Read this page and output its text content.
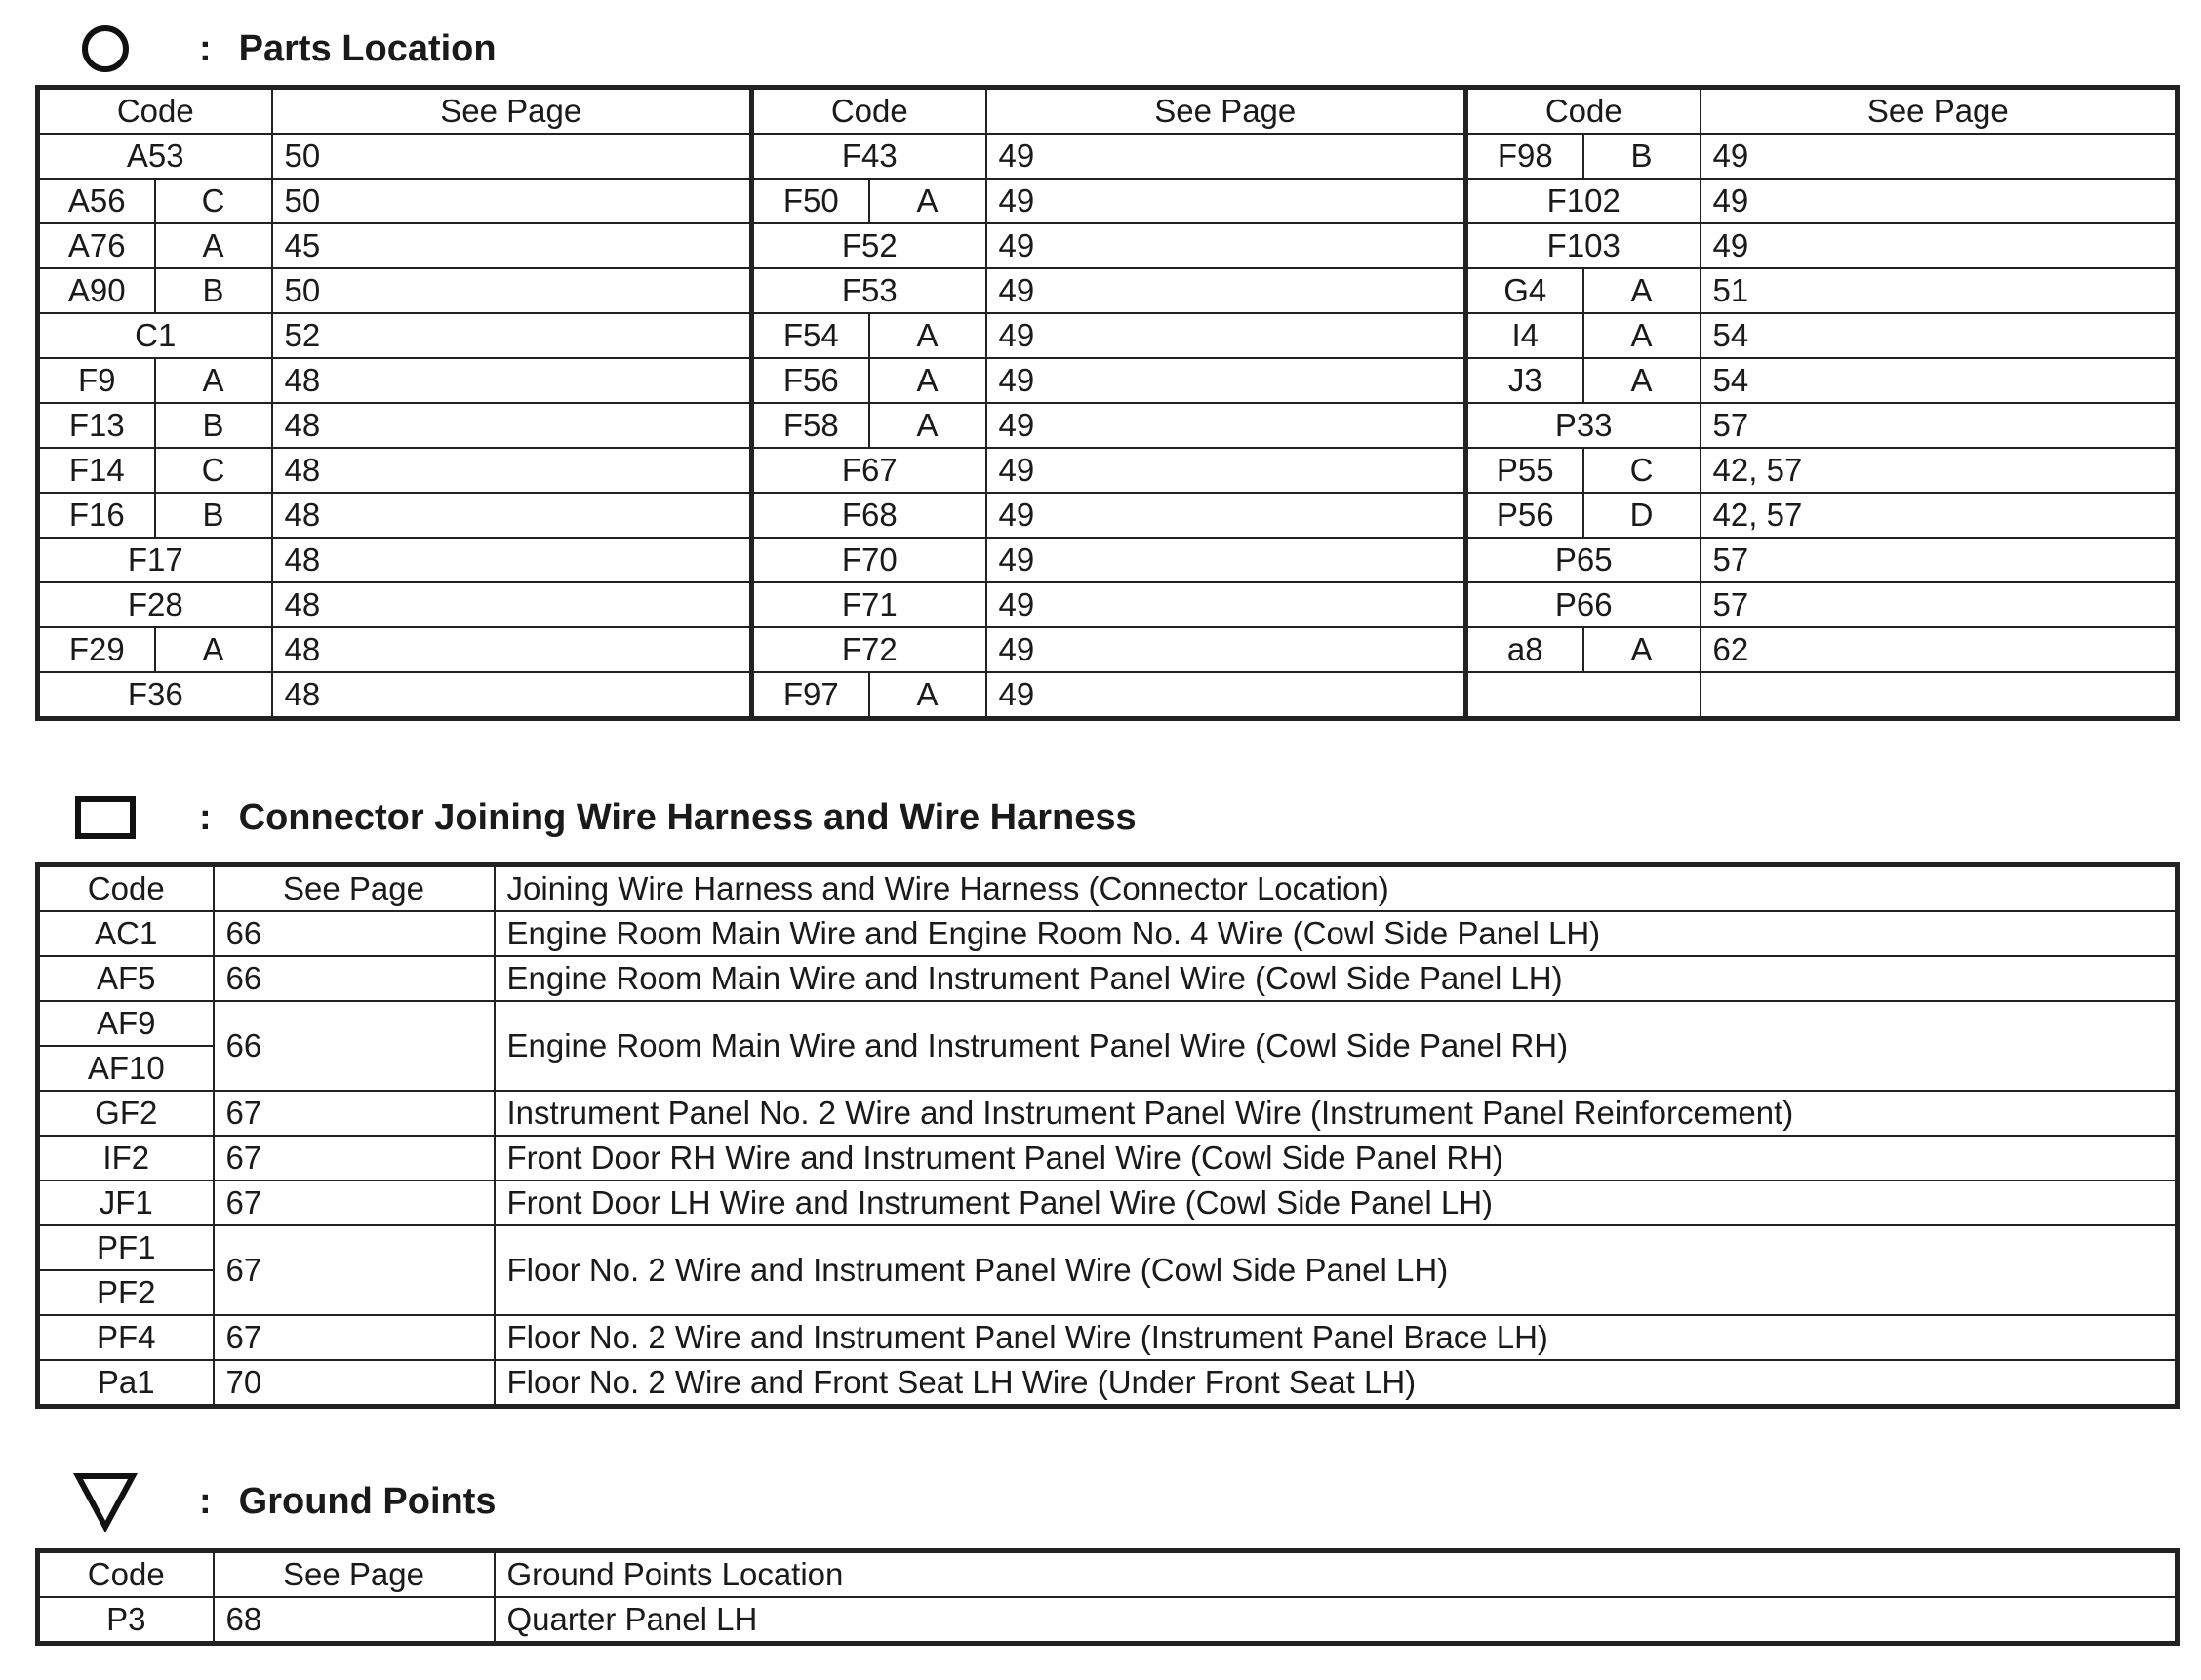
: Parts Location
Code		See Page	Code		See Page	Code		See Page
A53		50	F43		49	F98	B	49
A56	C	50	F50	A	49	F102		49
A76	A	45	F52		49	F103		49
A90	B	50	F53		49	G4	A	51
C1		52	F54	A	49	I4	A	54
F9	A	48	F56	A	49	J3	A	54
F13	B	48	F58	A	49	P33		57
F14	C	48	F67		49	P55	C	42, 57
F16	B	48	F68		49	P56	D	42, 57
F17		48	F70		49	P65		57
F28		48	F71		49	P66		57
F29	A	48	F72		49	a8	A	62
F36		48	F97	A	49			
: Connector Joining Wire Harness and Wire Harness
Code	See Page	Joining Wire Harness and Wire Harness (Connector Location)
AC1	66	Engine Room Main Wire and Engine Room No. 4 Wire (Cowl Side Panel LH)
AF5	66	Engine Room Main Wire and Instrument Panel Wire (Cowl Side Panel LH)
AF9	66	Engine Room Main Wire and Instrument Panel Wire (Cowl Side Panel RH)
AF10		
GF2	67	Instrument Panel No. 2 Wire and Instrument Panel Wire (Instrument Panel Reinforcement)
IF2	67	Front Door RH Wire and Instrument Panel Wire (Cowl Side Panel RH)
JF1	67	Front Door LH Wire and Instrument Panel Wire (Cowl Side Panel LH)
PF1	67	Floor No. 2 Wire and Instrument Panel Wire (Cowl Side Panel LH)
PF2		
PF4	67	Floor No. 2 Wire and Instrument Panel Wire (Instrument Panel Brace LH)
Pa1	70	Floor No. 2 Wire and Front Seat LH Wire (Under Front Seat LH)
: Ground Points
Code	See Page	Ground Points Location
P3	68	Quarter Panel LH
